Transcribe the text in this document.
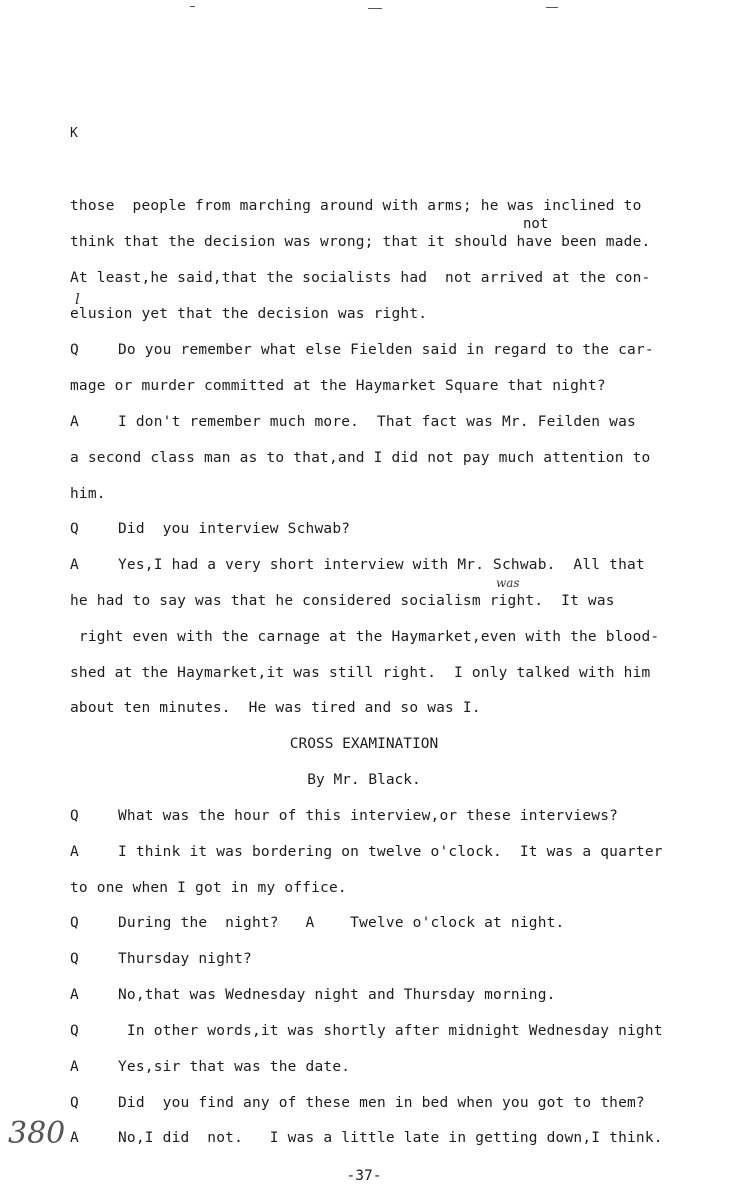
K
not
those  people from marching around with arms; he was inclined to
think that the decision was wrong; that it should have been made.
At least,he said,that the socialists had  not arrived at the con-
l
elusion yet that the decision was right.
Q	Do you remember what else Fielden said in regard to the car-
mage or murder committed at the Haymarket Square that night?
A	I don't remember much more.  That fact was Mr. Feilden was
a second class man as to that,and I did not pay much attention to
him.
Q	Did  you interview Schwab?
A	Yes,I had a very short interview with Mr. Schwab.  All that
was
he had to say was that he considered socialism right.  It was
right even with the carnage at the Haymarket,even with the blood-
shed at the Haymarket,it was still right.  I only talked with him
about ten minutes.  He was tired and so was I.
CROSS EXAMINATION
By Mr. Black.
Q	What was the hour of this interview,or these interviews?
A	I think it was bordering on twelve o'clock.  It was a quarter
to one when I got in my office.
Q	During the  night?   A    Twelve o'clock at night.
Q	Thursday night?
A	No,that was Wednesday night and Thursday morning.
Q	In other words,it was shortly after midnight Wednesday night
A	Yes,sir that was the date.
Q	Did  you find any of these men in bed when you got to them?
A	No,I did  not.   I was a little late in getting down,I think.
380
-37-
